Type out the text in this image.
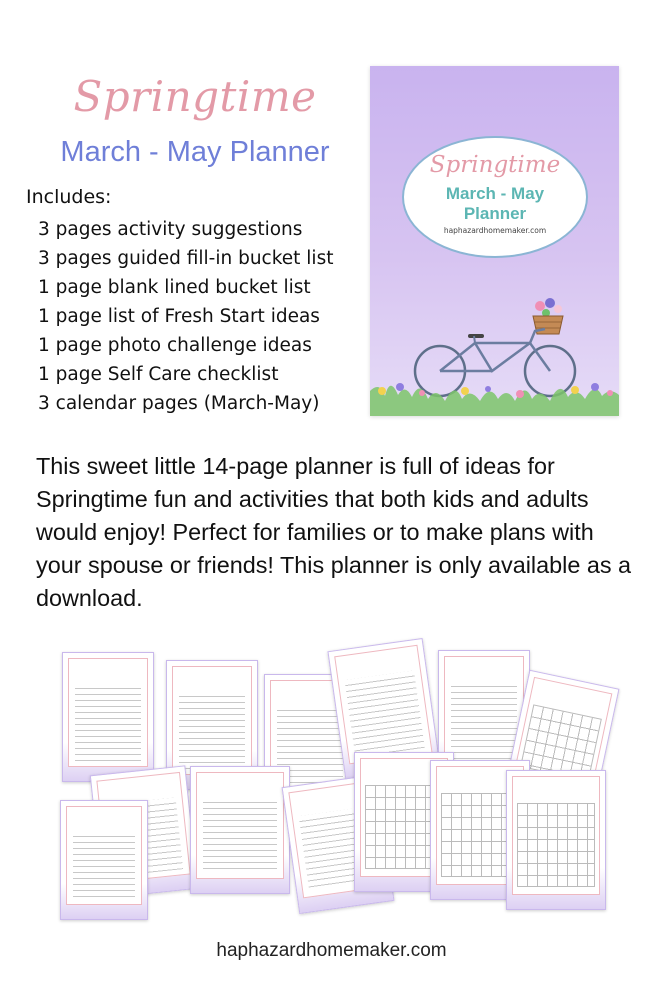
Springtime
March - May Planner
Includes:
3 pages activity suggestions
3 pages guided fill-in bucket list
1 page blank lined bucket list
1 page list of Fresh Start ideas
1 page photo challenge ideas
1 page Self Care checklist
3 calendar pages (March-May)
Springtime
March - May
Planner
haphazardhomemaker.com

This sweet little 14-page planner is full of ideas for Springtime fun and activities that both kids and adults would enjoy! Perfect for families or to make plans with your spouse or friends! This planner is only available as a download.

haphazardhomemaker.com
